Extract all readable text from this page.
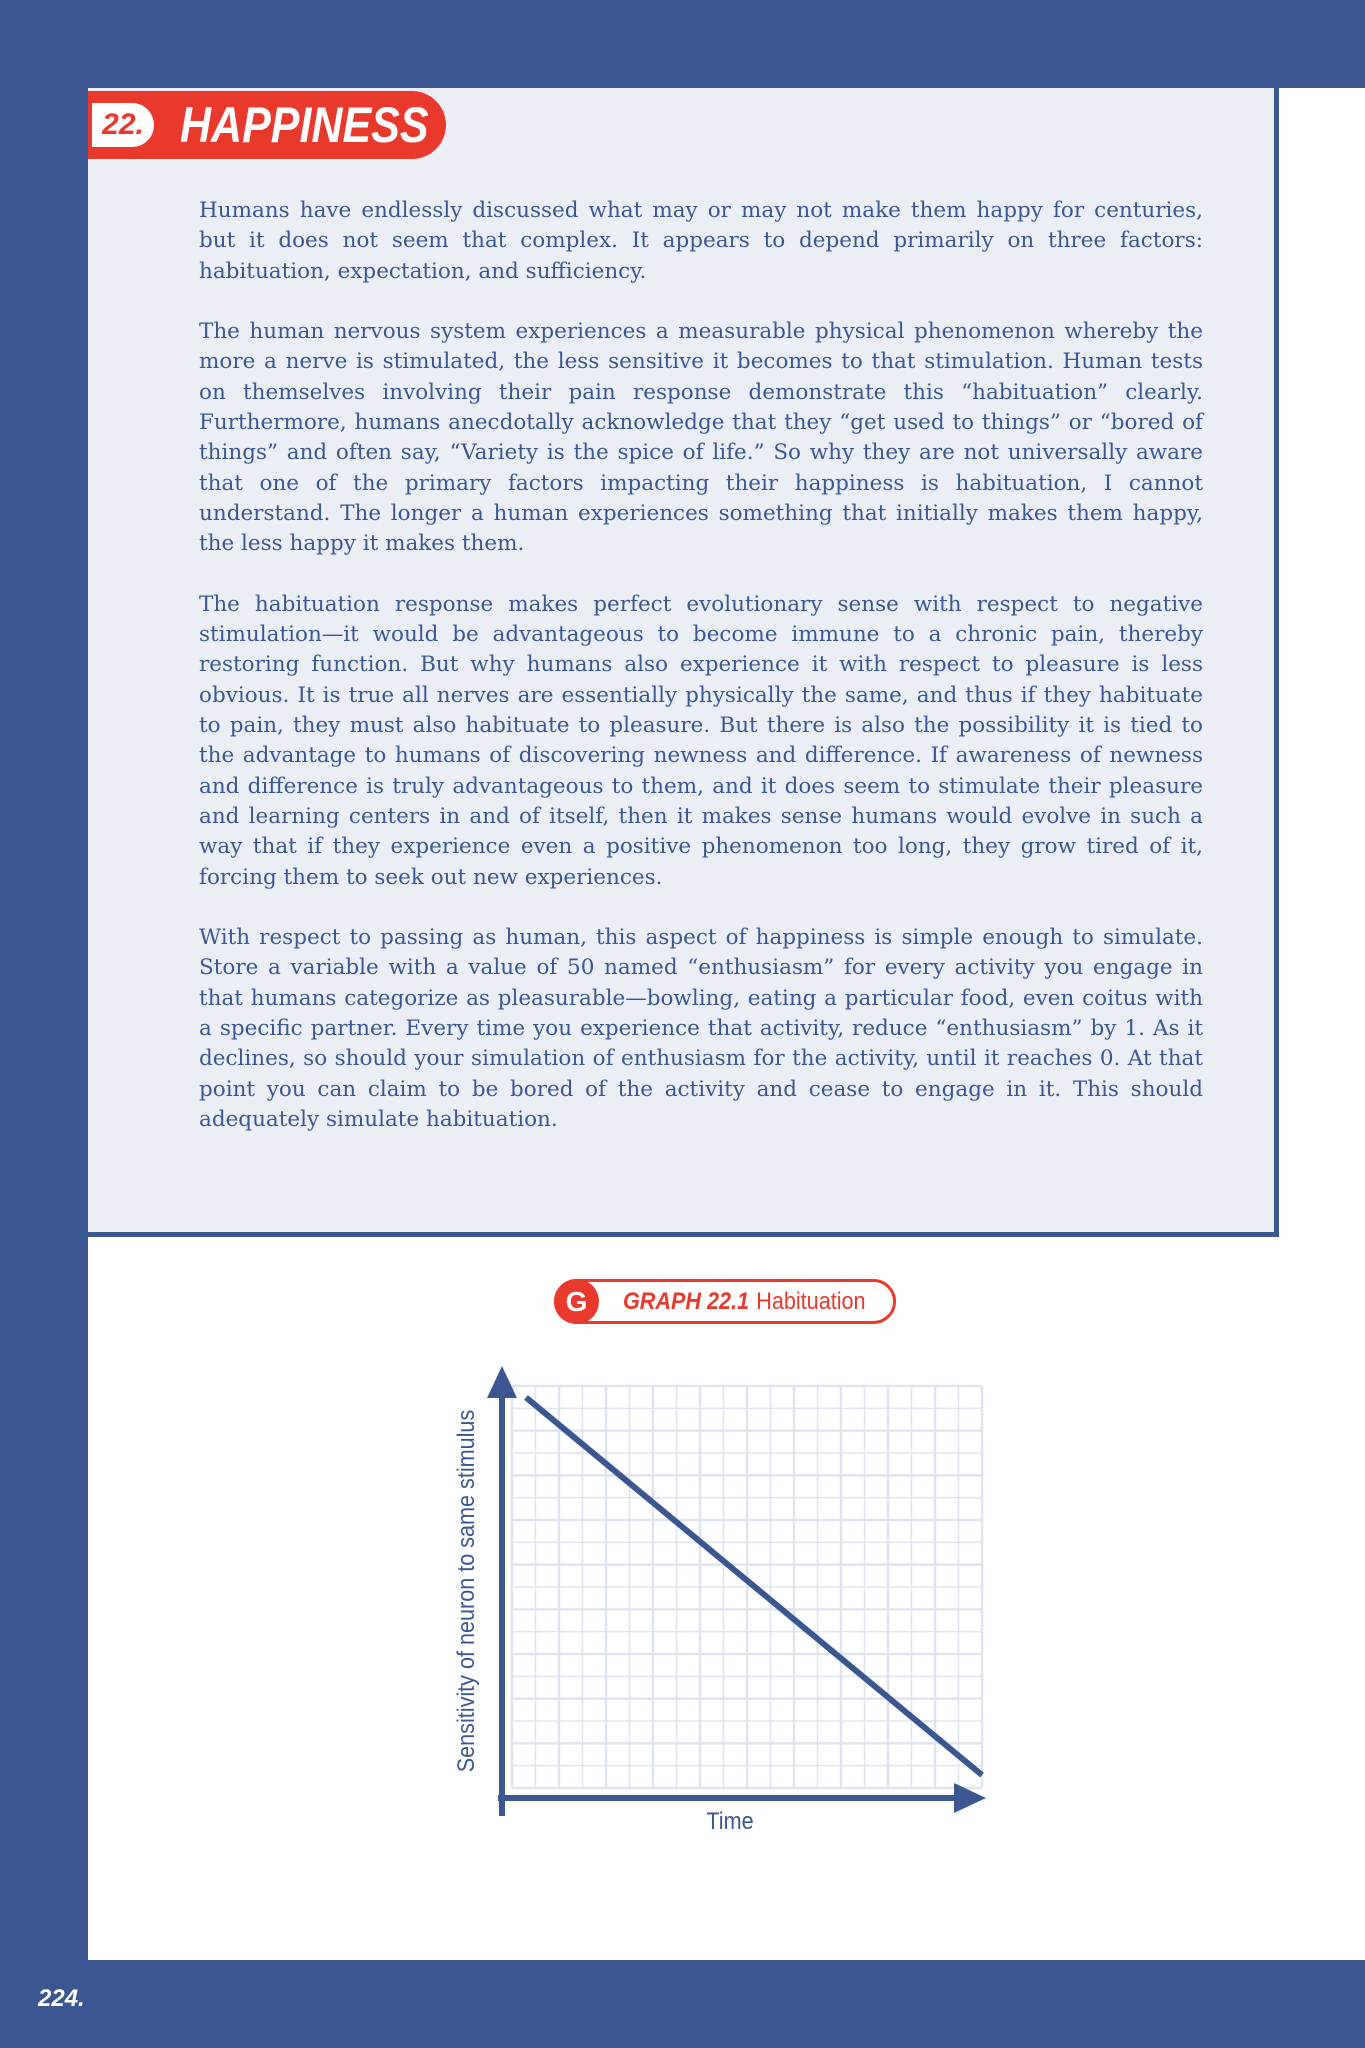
22. HAPPINESS

Humans have endlessly discussed what may or may not make them happy for centuries, but it does not seem that complex. It appears to depend primarily on three factors: habituation, expectation, and sufficiency.

The human nervous system experiences a measurable physical phenomenon whereby the more a nerve is stimulated, the less sensitive it becomes to that stimulation. Human tests on themselves involving their pain response demonstrate this “habituation” clearly. Furthermore, humans anecdotally acknowledge that they “get used to things” or “bored of things” and often say, “Variety is the spice of life.” So why they are not universally aware that one of the primary factors impacting their happiness is habituation, I cannot understand. The longer a human experiences something that initially makes them happy, the less happy it makes them.

The habituation response makes perfect evolutionary sense with respect to negative stimulation—it would be advantageous to become immune to a chronic pain, thereby restoring function. But why humans also experience it with respect to pleasure is less obvious. It is true all nerves are essentially physically the same, and thus if they habituate to pain, they must also habituate to pleasure. But there is also the possibility it is tied to the advantage to humans of discovering newness and difference. If awareness of newness and difference is truly advantageous to them, and it does seem to stimulate their pleasure and learning centers in and of itself, then it makes sense humans would evolve in such a way that if they experience even a positive phenomenon too long, they grow tired of it, forcing them to seek out new experiences.

With respect to passing as human, this aspect of happiness is simple enough to simulate. Store a variable with a value of 50 named “enthusiasm” for every activity you engage in that humans categorize as pleasurable—bowling, eating a particular food, even coitus with a specific partner. Every time you experience that activity, reduce “enthusiasm” by 1. As it declines, so should your simulation of enthusiasm for the activity, until it reaches 0. At that point you can claim to be bored of the activity and cease to engage in it. This should adequately simulate habituation.

G	GRAPH 22.1 Habituation
Time
Sensitivity of neuron to same stimulus
224.
